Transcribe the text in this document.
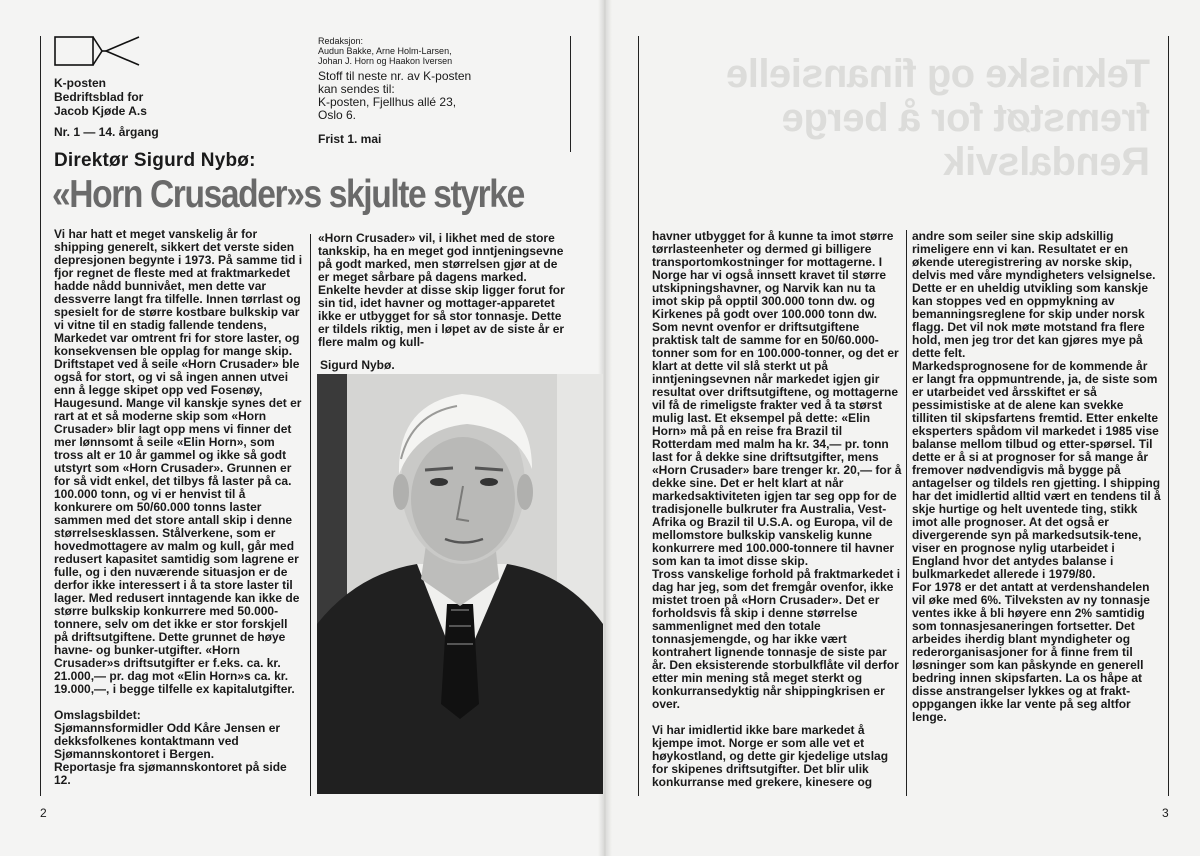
K-posten
Bedriftsblad for
Jacob Kjøde A.s
Nr. 1 — 14. årgang
Redaksjon:
Audun Bakke, Arne Holm-Larsen,
Johan J. Horn og Haakon Iversen
Stoff til neste nr. av K-posten
kan sendes til:
K-posten, Fjellhus allé 23,
Oslo 6.
Frist 1. mai
Direktør Sigurd Nybø:
«Horn Crusader»s skjulte styrke

Vi har hatt et meget vanskelig år for shipping generelt, sikkert det verste siden depresjonen begynte i 1973. På samme tid i fjor regnet de fleste med at fraktmarkedet hadde nådd bunnivået, men dette var dessverre langt fra tilfelle. Innen tørrlast og spesielt for de større kostbare bulkskip var vi vitne til en stadig fallende tendens, Markedet var omtrent fri for store laster, og konsekvensen ble opplag for mange skip. Driftstapet ved å seile «Horn Crusader» ble også for stort, og vi så ingen annen utvei enn å legge skipet opp ved Fosenøy, Haugesund. Mange vil kanskje synes det er rart at et så moderne skip som «Horn Crusader» blir lagt opp mens vi finner det mer lønnsomt å seile «Elin Horn», som tross alt er 10 år gammel og ikke så godt utstyrt som «Horn Crusader». Grunnen er for så vidt enkel, det tilbys få laster på ca. 100.000 tonn, og vi er henvist til å konkurere om 50/60.000 tonns laster sammen med det store antall skip i denne størrelsesklassen. Stålverkene, som er hovedmottagere av malm og kull, går med redusert kapasitet samtidig som lagrene er fulle, og i den nuværende situasjon er de derfor ikke interessert i å ta store laster til lager. Med redusert inntagende kan ikke de større bulkskip konkurrere med 50.000-tonnere, selv om det ikke er stor forskjell på driftsutgiftene. Dette grunnet de høye havne- og bunker-utgifter. «Horn Crusader»s driftsutgifter er f.eks. ca. kr. 21.000,— pr. dag mot «Elin Horn»s ca. kr. 19.000,—, i begge tilfelle ex kapitalutgifter.

Omslagsbildet:
Sjømannsformidler Odd Kåre Jensen er dekksfolkenes kontaktmann ved Sjømannskontoret i Bergen.
Reportasje fra sjømannskontoret på side 12.

«Horn Crusader» vil, i likhet med de store tankskip, ha en meget god inntjeningsevne på godt marked, men størrelsen gjør at de er meget sårbare på dagens marked. Enkelte hevder at disse skip ligger forut for sin tid, idet havner og mottager-apparetet ikke er utbygget for så stor tonnasje. Dette er tildels riktig, men i løpet av de siste år er flere malm og kull-

Sigurd Nybø.
2
Tekniske og finansielle
fremstøt for å berge
Rendalsvik

havner utbygget for å kunne ta imot større tørrlasteenheter og dermed gi billigere transportomkostninger for mottagerne. I Norge har vi også innsett kravet til større utskipningshavner, og Narvik kan nu ta imot skip på opptil 300.000 tonn dw. og Kirkenes på godt over 100.000 tonn dw.

Som nevnt ovenfor er driftsutgiftene praktisk talt de samme for en 50/60.000-tonner som for en 100.000-tonner, og det er klart at dette vil slå sterkt ut på inntjeningsevnen når markedet igjen gir resultat over driftsutgiftene, og mottagerne vil få de rimeligste frakter ved å ta størst mulig last. Et eksempel på dette: «Elin Horn» må på en reise fra Brazil til Rotterdam med malm ha kr. 34,— pr. tonn last for å dekke sine driftsutgifter, mens «Horn Crusader» bare trenger kr. 20,— for å dekke sine. Det er helt klart at når markedsaktiviteten igjen tar seg opp for de tradisjonelle bulkruter fra Australia, Vest-Afrika og Brazil til U.S.A. og Europa, vil de mellomstore bulkskip vanskelig kunne konkurrere med 100.000-tonnere til havner som kan ta imot disse skip.

Tross vanskelige forhold på fraktmarkedet i dag har jeg, som det fremgår ovenfor, ikke mistet troen på «Horn Crusader». Det er forholdsvis få skip i denne størrelse sammenlignet med den totale tonnasjemengde, og har ikke vært kontrahert lignende tonnasje de siste par år. Den eksisterende storbulkflåte vil derfor etter min mening stå meget sterkt og konkurransedyktig når shippingkrisen er over.

Vi har imidlertid ikke bare markedet å kjempe imot. Norge er som alle vet et høykostland, og dette gir kjedelige utslag for skipenes driftsutgifter. Det blir ulik konkurranse med grekere, kinesere og

andre som seiler sine skip adskillig rimeligere enn vi kan. Resultatet er en økende uteregistrering av norske skip, delvis med våre myndigheters velsignelse. Dette er en uheldig utvikling som kanskje kan stoppes ved en oppmykning av bemanningsreglene for skip under norsk flagg. Det vil nok møte motstand fra flere hold, men jeg tror det kan gjøres mye på dette felt.

Markedsprognosene for de kommende år er langt fra oppmuntrende, ja, de siste som er utarbeidet ved årsskiftet er så pessimistiske at de alene kan svekke tilliten til skipsfartens fremtid. Etter enkelte eksperters spådom vil markedet i 1985 vise balanse mellom tilbud og etter-spørsel. Til dette er å si at prognoser for så mange år fremover nødvendigvis må bygge på antagelser og tildels ren gjetting. I shipping har det imidlertid alltid vært en tendens til å skje hurtige og helt uventede ting, stikk imot alle prognoser. At det også er divergerende syn på markedsutsik-tene, viser en prognose nylig utarbeidet i England hvor det antydes balanse i bulkmarkedet allerede i 1979/80.

For 1978 er det antatt at verdenshandelen vil øke med 6%. Tilveksten av ny tonnasje ventes ikke å bli høyere enn 2% samtidig som tonnasjesaneringen fortsetter. Det arbeides iherdig blant myndigheter og rederorganisasjoner for å finne frem til løsninger som kan påskynde en generell bedring innen skipsfarten. La os håpe at disse anstrangelser lykkes og at frakt-oppgangen ikke lar vente på seg altfor lenge.

3
